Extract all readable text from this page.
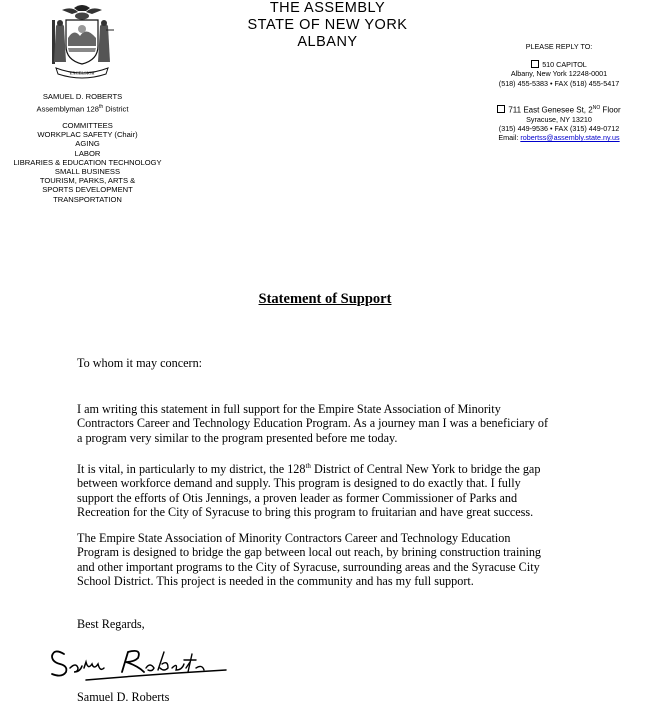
EXCELSIOR
THE ASSEMBLY
STATE OF NEW YORK
ALBANY
SAMUEL D. ROBERTS
Assemblyman 128th District
COMMITTEES
WORKPLAC SAFETY (Chair)
AGING
LABOR
LIBRARIES & EDUCATION TECHNOLOGY
SMALL BUSINESS
TOURISM, PARKS, ARTS &
SPORTS DEVELOPMENT
TRANSPORTATION
PLEASE REPLY TO:
510 CAPITOL
Albany, New York 12248-0001
(518) 455-5383 • FAX (518) 455-5417
711 East Genesee St, $2^{NO}$ Floor
Syracuse, NY 13210
(315) 449-9536 • FAX (315) 449-0712
Email: robertss@assembly.state.ny.us
Statement of Support
To whom it may concern:
I am writing this statement in full support for the Empire State Association of Minority
Contractors Career and Technology Education Program. As a journey man I was a beneficiary of
a program very similar to the program presented before me today.
It is vital, in particularly to my district, the 128th District of Central New York to bridge the gap
between workforce demand and supply. This program is designed to do exactly that. I fully
support the efforts of Otis Jennings, a proven leader as former Commissioner of Parks and
Recreation for the City of Syracuse to bring this program to fruitarian and have great success.
The Empire State Association of Minority Contractors Career and Technology Education
Program is designed to bridge the gap between local out reach, by brining construction training
and other important programs to the City of Syracuse, surrounding areas and the Syracuse City
School District. This project is needed in the community and has my full support.
Best Regards,
Samuel D. Roberts
